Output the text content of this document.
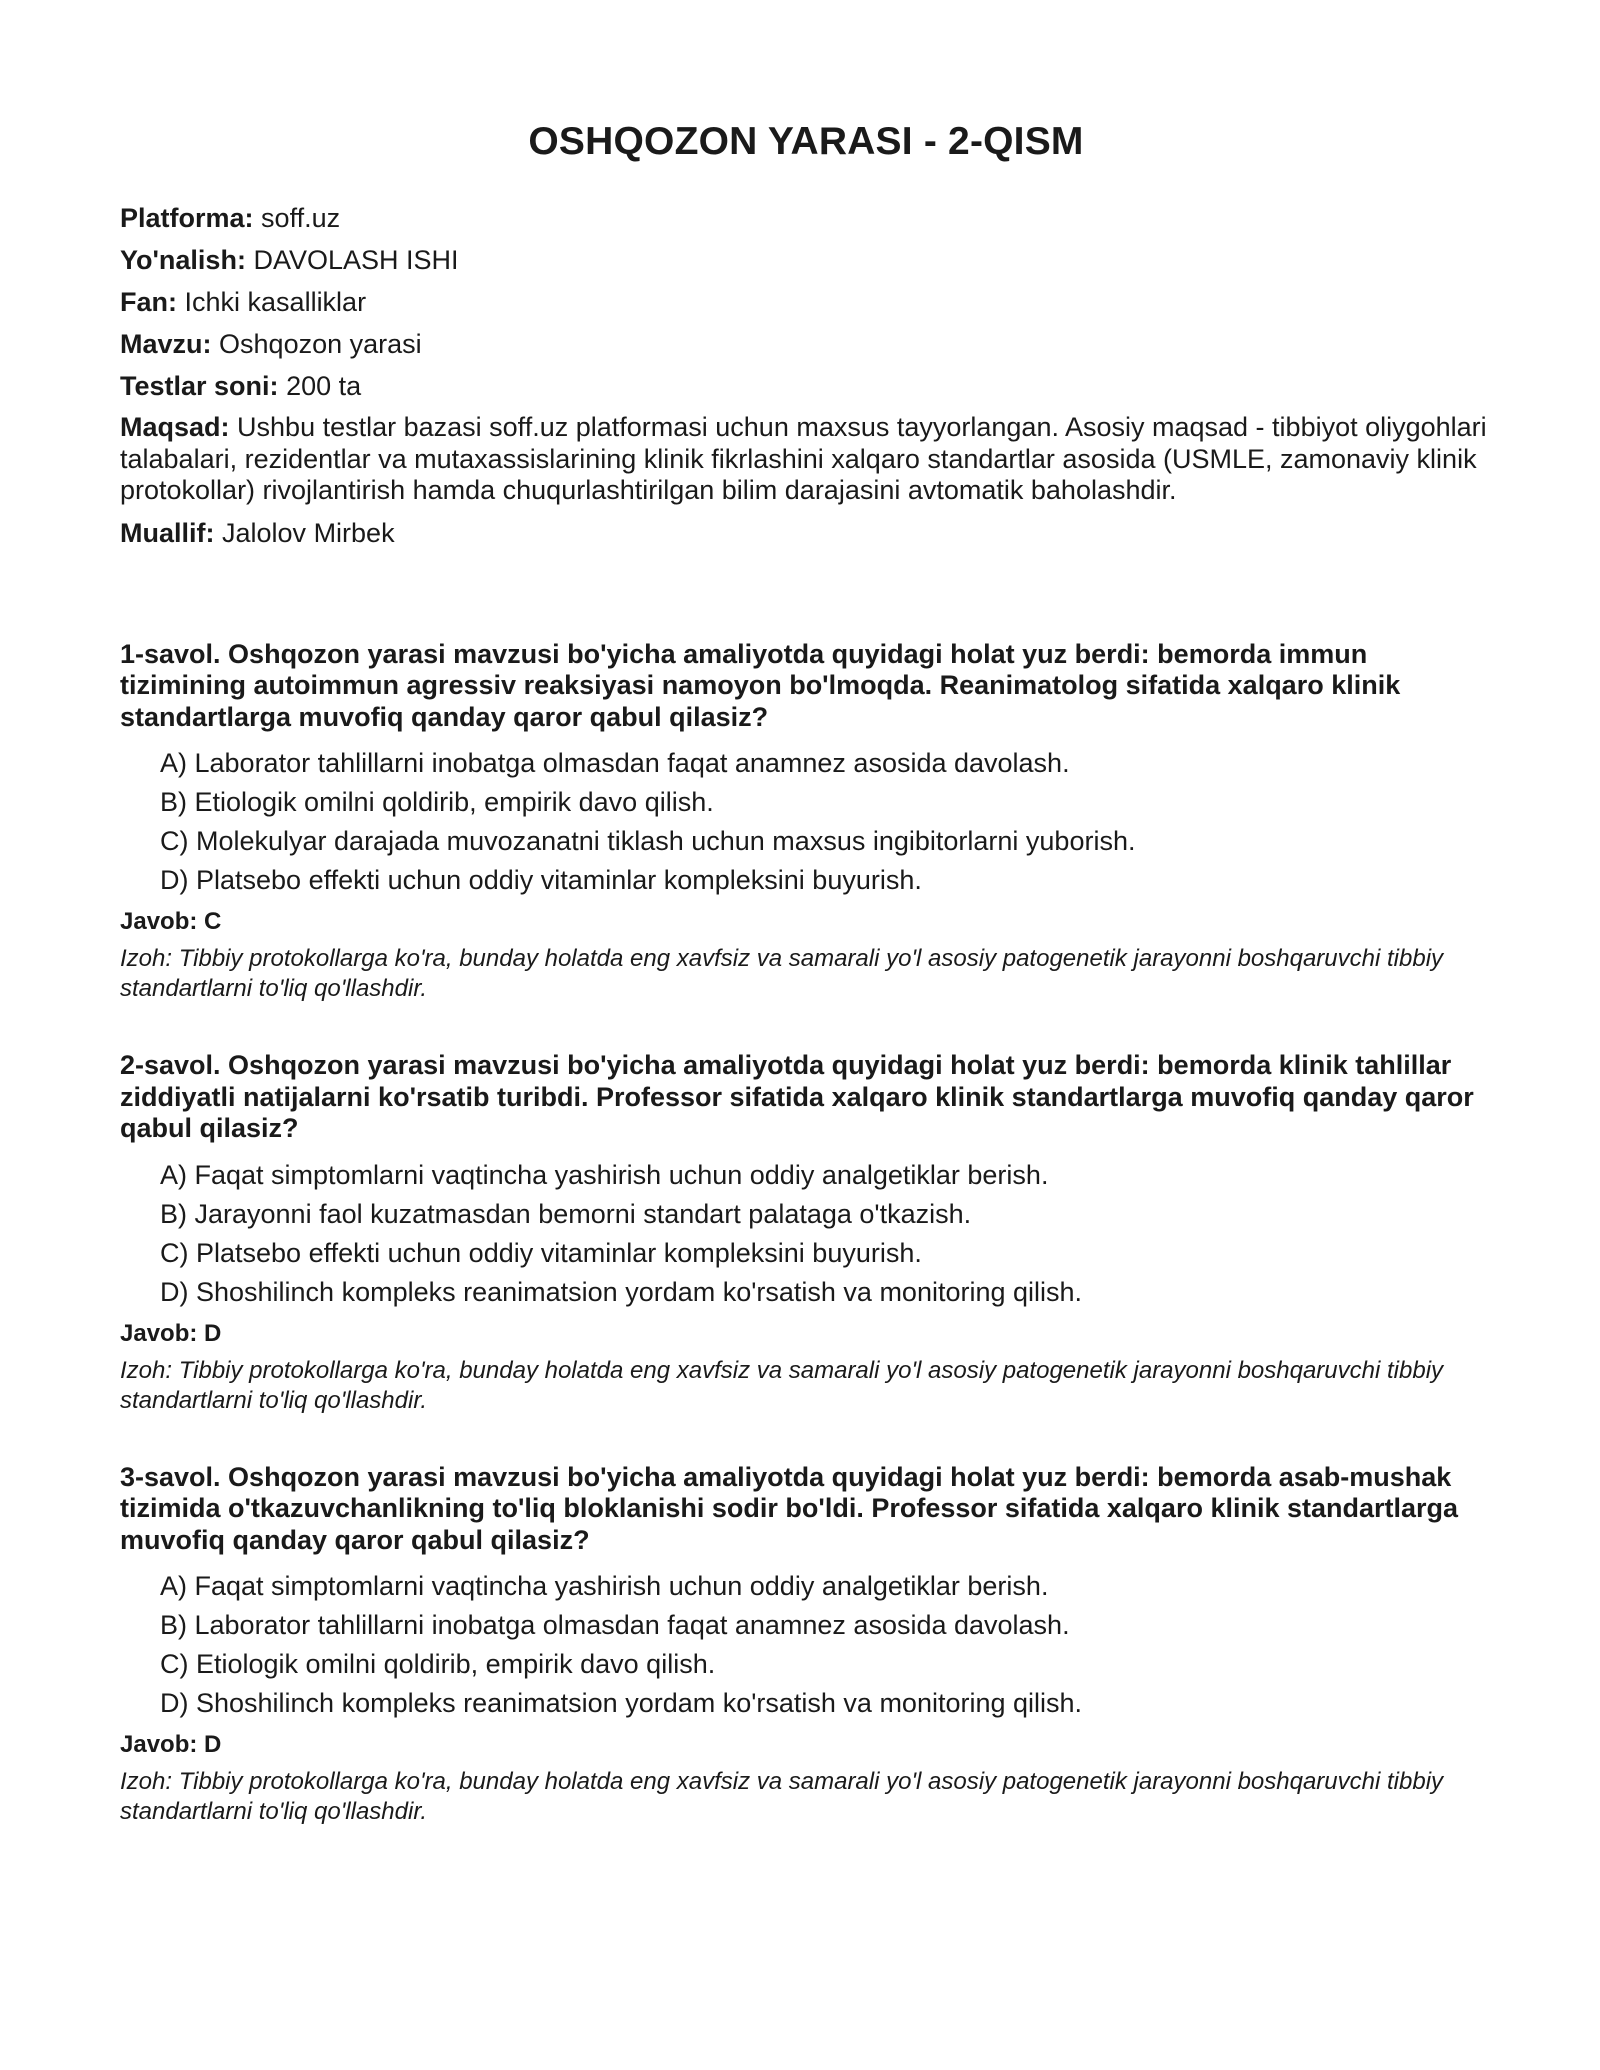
OSHQOZON YARASI - 2-QISM

Platforma: soff.uz

Yo'nalish: DAVOLASH ISHI

Fan: Ichki kasalliklar

Mavzu: Oshqozon yarasi

Testlar soni: 200 ta

Maqsad: Ushbu testlar bazasi soff.uz platformasi uchun maxsus tayyorlangan. Asosiy maqsad - tibbiyot oliygohlari talabalari, rezidentlar va mutaxassislarining klinik fikrlashini xalqaro standartlar asosida (USMLE, zamonaviy klinik protokollar) rivojlantirish hamda chuqurlashtirilgan bilim darajasini avtomatik baholashdir.

Muallif: Jalolov Mirbek

1-savol. Oshqozon yarasi mavzusi bo'yicha amaliyotda quyidagi holat yuz berdi: bemorda immun tizimining autoimmun agressiv reaksiyasi namoyon bo'lmoqda. Reanimatolog sifatida xalqaro klinik standartlarga muvofiq qanday qaror qabul qilasiz?

A) Laborator tahlillarni inobatga olmasdan faqat anamnez asosida davolash.
B) Etiologik omilni qoldirib, empirik davo qilish.
C) Molekulyar darajada muvozanatni tiklash uchun maxsus ingibitorlarni yuborish.
D) Platsebo effekti uchun oddiy vitaminlar kompleksini buyurish.

Javob: C

Izoh: Tibbiy protokollarga ko'ra, bunday holatda eng xavfsiz va samarali yo'l asosiy patogenetik jarayonni boshqaruvchi tibbiy standartlarni to'liq qo'llashdir.

2-savol. Oshqozon yarasi mavzusi bo'yicha amaliyotda quyidagi holat yuz berdi: bemorda klinik tahlillar ziddiyatli natijalarni ko'rsatib turibdi. Professor sifatida xalqaro klinik standartlarga muvofiq qanday qaror qabul qilasiz?

A) Faqat simptomlarni vaqtincha yashirish uchun oddiy analgetiklar berish.
B) Jarayonni faol kuzatmasdan bemorni standart palataga o'tkazish.
C) Platsebo effekti uchun oddiy vitaminlar kompleksini buyurish.
D) Shoshilinch kompleks reanimatsion yordam ko'rsatish va monitoring qilish.

Javob: D

Izoh: Tibbiy protokollarga ko'ra, bunday holatda eng xavfsiz va samarali yo'l asosiy patogenetik jarayonni boshqaruvchi tibbiy standartlarni to'liq qo'llashdir.

3-savol. Oshqozon yarasi mavzusi bo'yicha amaliyotda quyidagi holat yuz berdi: bemorda asab-mushak tizimida o'tkazuvchanlikning to'liq bloklanishi sodir bo'ldi. Professor sifatida xalqaro klinik standartlarga muvofiq qanday qaror qabul qilasiz?

A) Faqat simptomlarni vaqtincha yashirish uchun oddiy analgetiklar berish.
B) Laborator tahlillarni inobatga olmasdan faqat anamnez asosida davolash.
C) Etiologik omilni qoldirib, empirik davo qilish.
D) Shoshilinch kompleks reanimatsion yordam ko'rsatish va monitoring qilish.

Javob: D

Izoh: Tibbiy protokollarga ko'ra, bunday holatda eng xavfsiz va samarali yo'l asosiy patogenetik jarayonni boshqaruvchi tibbiy standartlarni to'liq qo'llashdir.
